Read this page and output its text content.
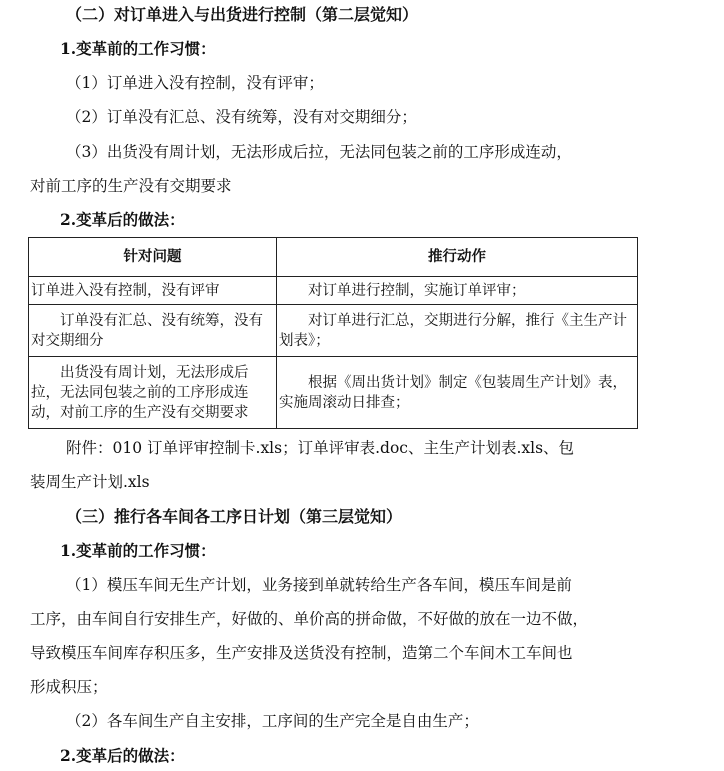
（二）对订单进入与出货进行控制（第二层觉知）
1.变革前的工作习惯：
（1）订单进入没有控制，没有评审；
（2）订单没有汇总、没有统筹，没有对交期细分；
（3）出货没有周计划，无法形成后拉，无法同包装之前的工序形成连动，
对前工序的生产没有交期要求
2.变革后的做法：
针对问题	推行动作
订单进入没有控制，没有评审	对订单进行控制，实施订单评审；
订单没有汇总、没有统筹，没有对交期细分	对订单进行汇总，交期进行分解，推行《主生产计划表》；
出货没有周计划，无法形成后拉，无法同包装之前的工序形成连动，对前工序的生产没有交期要求	根据《周出货计划》制定《包装周生产计划》表，实施周滚动日排查；
附件：010 订单评审控制卡.xls；订单评审表.doc、主生产计划表.xls、包
装周生产计划.xls
（三）推行各车间各工序日计划（第三层觉知）
1.变革前的工作习惯：
（1）模压车间无生产计划，业务接到单就转给生产各车间，模压车间是前
工序，由车间自行安排生产，好做的、单价高的拼命做，不好做的放在一边不做，
导致模压车间库存积压多，生产安排及送货没有控制，造第二个车间木工车间也
形成积压；
（2）各车间生产自主安排，工序间的生产完全是自由生产；
2.变革后的做法：
